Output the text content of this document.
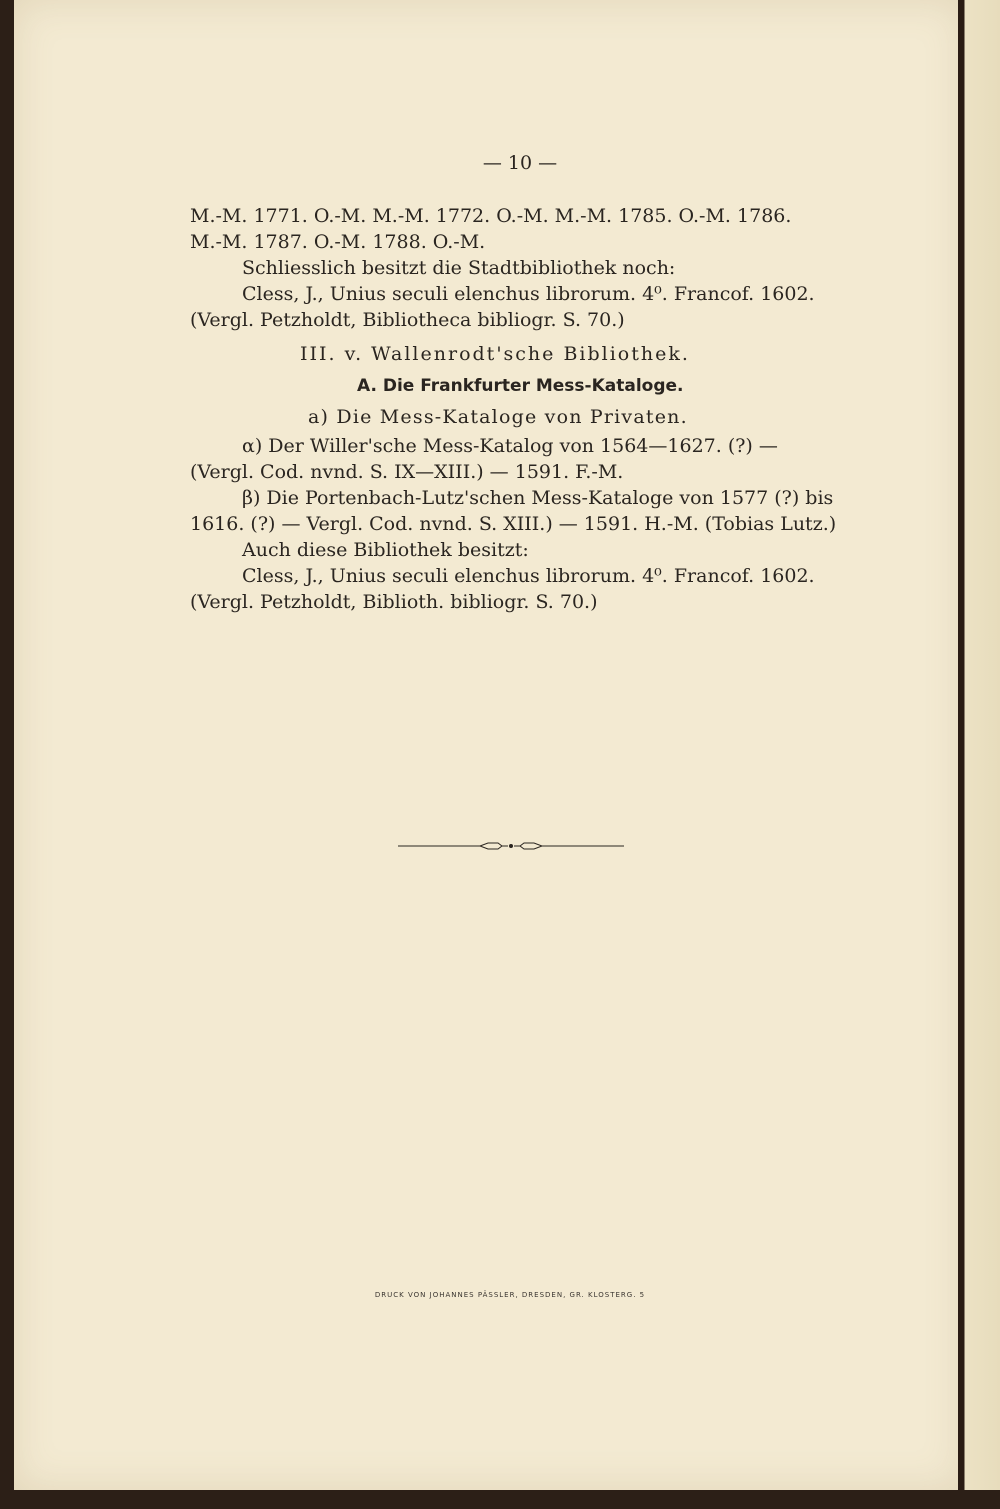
— 10 —
M.-M. 1771. O.-M. M.-M. 1772. O.-M. M.-M. 1785. O.-M. 1786.
M.-M. 1787. O.-M. 1788. O.-M.
Schliesslich besitzt die Stadtbibliothek noch:
Cless, J., Unius seculi elenchus librorum. 4⁰. Francof. 1602.
(Vergl. Petzholdt, Bibliotheca bibliogr. S. 70.)
III. v. Wallenrodt'sche Bibliothek.
A. Die Frankfurter Mess-Kataloge.
a) Die Mess-Kataloge von Privaten.
α) Der Willer'sche Mess-Katalog von 1564—1627. (?) —
(Vergl. Cod. nvnd. S. IX—XIII.) — 1591. F.-M.
β) Die Portenbach-Lutz'schen Mess-Kataloge von 1577 (?) bis
1616. (?) — Vergl. Cod. nvnd. S. XIII.) — 1591. H.-M. (Tobias Lutz.)
Auch diese Bibliothek besitzt:
Cless, J., Unius seculi elenchus librorum. 4⁰. Francof. 1602.
(Vergl. Petzholdt, Biblioth. bibliogr. S. 70.)
DRUCK VON JOHANNES PÄSSLER, DRESDEN, GR. KLOSTERG. 5
